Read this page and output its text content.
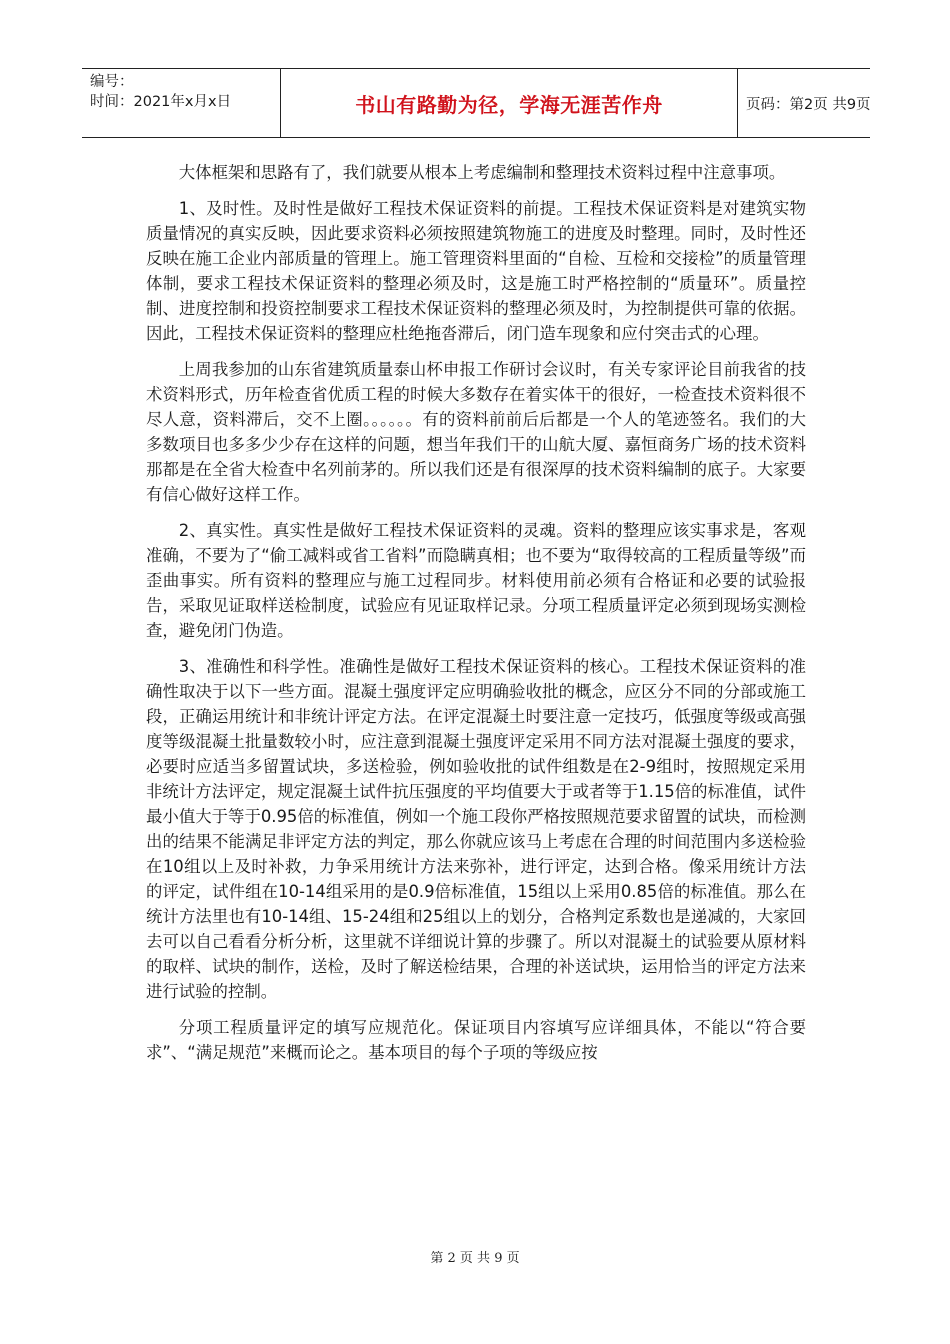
编号：
时间：2021年x月x日	书山有路勤为径，学海无涯苦作舟	页码：第2页 共9页

大体框架和思路有了，我们就要从根本上考虑编制和整理技术资料过程中注意事项。

1、及时性。及时性是做好工程技术保证资料的前提。工程技术保证资料是对建筑实物质量情况的真实反映，因此要求资料必须按照建筑物施工的进度及时整理。同时，及时性还反映在施工企业内部质量的管理上。施工管理资料里面的“自检、互检和交接检”的质量管理体制，要求工程技术保证资料的整理必须及时，这是施工时严格控制的“质量环”。质量控制、进度控制和投资控制要求工程技术保证资料的整理必须及时，为控制提供可靠的依据。因此，工程技术保证资料的整理应杜绝拖沓滞后，闭门造车现象和应付突击式的心理。

上周我参加的山东省建筑质量泰山杯申报工作研讨会议时，有关专家评论目前我省的技术资料形式，历年检查省优质工程的时候大多数存在着实体干的很好，一检查技术资料很不尽人意，资料滞后，交不上圈。。。。。。有的资料前前后后都是一个人的笔迹签名。我们的大多数项目也多多少少存在这样的问题，想当年我们干的山航大厦、嘉恒商务广场的技术资料那都是在全省大检查中名列前茅的。所以我们还是有很深厚的技术资料编制的底子。大家要有信心做好这样工作。

2、真实性。真实性是做好工程技术保证资料的灵魂。资料的整理应该实事求是，客观准确，不要为了“偷工减料或省工省料”而隐瞒真相；也不要为“取得较高的工程质量等级”而歪曲事实。所有资料的整理应与施工过程同步。材料使用前必须有合格证和必要的试验报告，采取见证取样送检制度，试验应有见证取样记录。分项工程质量评定必须到现场实测检查，避免闭门伪造。

3、准确性和科学性。准确性是做好工程技术保证资料的核心。工程技术保证资料的准确性取决于以下一些方面。混凝土强度评定应明确验收批的概念，应区分不同的分部或施工段，正确运用统计和非统计评定方法。在评定混凝土时要注意一定技巧，低强度等级或高强度等级混凝土批量数较小时，应注意到混凝土强度评定采用不同方法对混凝土强度的要求，必要时应适当多留置试块，多送检验，例如验收批的试件组数是在2-9组时，按照规定采用非统计方法评定，规定混凝土试件抗压强度的平均值要大于或者等于1.15倍的标准值，试件最小值大于等于0.95倍的标准值，例如一个施工段你严格按照规范要求留置的试块，而检测出的结果不能满足非评定方法的判定，那么你就应该马上考虑在合理的时间范围内多送检验在10组以上及时补救，力争采用统计方法来弥补，进行评定，达到合格。像采用统计方法的评定，试件组在10-14组采用的是0.9倍标准值，15组以上采用0.85倍的标准值。那么在统计方法里也有10-14组、15-24组和25组以上的划分，合格判定系数也是递减的，大家回去可以自己看看分析分析，这里就不详细说计算的步骤了。所以对混凝土的试验要从原材料的取样、试块的制作，送检，及时了解送检结果，合理的补送试块，运用恰当的评定方法来进行试验的控制。

分项工程质量评定的填写应规范化。保证项目内容填写应详细具体，不能以“符合要求”、“满足规范”来概而论之。基本项目的每个子项的等级应按

第 2 页 共 9 页
